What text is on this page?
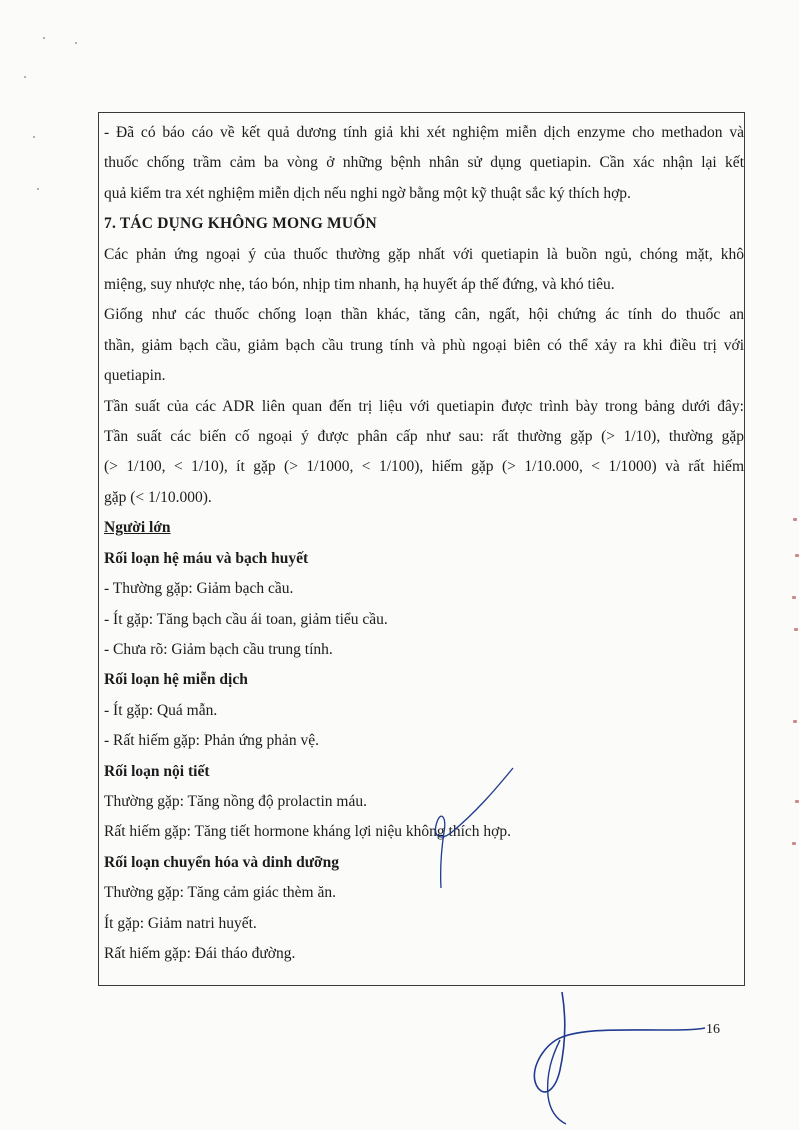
- Đã có báo cáo về kết quả dương tính giả khi xét nghiệm miễn dịch enzyme cho methadon và
thuốc chống trầm cảm ba vòng ở những bệnh nhân sử dụng quetiapin. Cần xác nhận lại kết
quả kiểm tra xét nghiệm miễn dịch nếu nghi ngờ bằng một kỹ thuật sắc ký thích hợp.
7. TÁC DỤNG KHÔNG MONG MUỐN
Các phản ứng ngoại ý của thuốc thường gặp nhất với quetiapin là buồn ngủ, chóng mặt, khô
miệng, suy nhược nhẹ, táo bón, nhịp tim nhanh, hạ huyết áp thế đứng, và khó tiêu.
Giống như các thuốc chống loạn thần khác, tăng cân, ngất, hội chứng ác tính do thuốc an
thần, giảm bạch cầu, giảm bạch cầu trung tính và phù ngoại biên có thể xảy ra khi điều trị với
quetiapin.
Tần suất của các ADR liên quan đến trị liệu với quetiapin được trình bày trong bảng dưới đây:
Tần suất các biến cố ngoại ý được phân cấp như sau: rất thường gặp (> 1/10), thường gặp
(> 1/100, < 1/10), ít gặp (> 1/1000, < 1/100), hiếm gặp (> 1/10.000, < 1/1000) và rất hiếm
gặp (< 1/10.000).
Người lớn
Rối loạn hệ máu và bạch huyết
- Thường gặp: Giảm bạch cầu.
- Ít gặp: Tăng bạch cầu ái toan, giảm tiểu cầu.
- Chưa rõ: Giảm bạch cầu trung tính.
Rối loạn hệ miễn dịch
- Ít gặp: Quá mẫn.
- Rất hiếm gặp: Phản ứng phản vệ.
Rối loạn nội tiết
Thường gặp: Tăng nồng độ prolactin máu.
Rất hiếm gặp: Tăng tiết hormone kháng lợi niệu không thích hợp.
Rối loạn chuyển hóa và dinh dưỡng
Thường gặp: Tăng cảm giác thèm ăn.
Ít gặp: Giảm natri huyết.
Rất hiếm gặp: Đái tháo đường.
16
